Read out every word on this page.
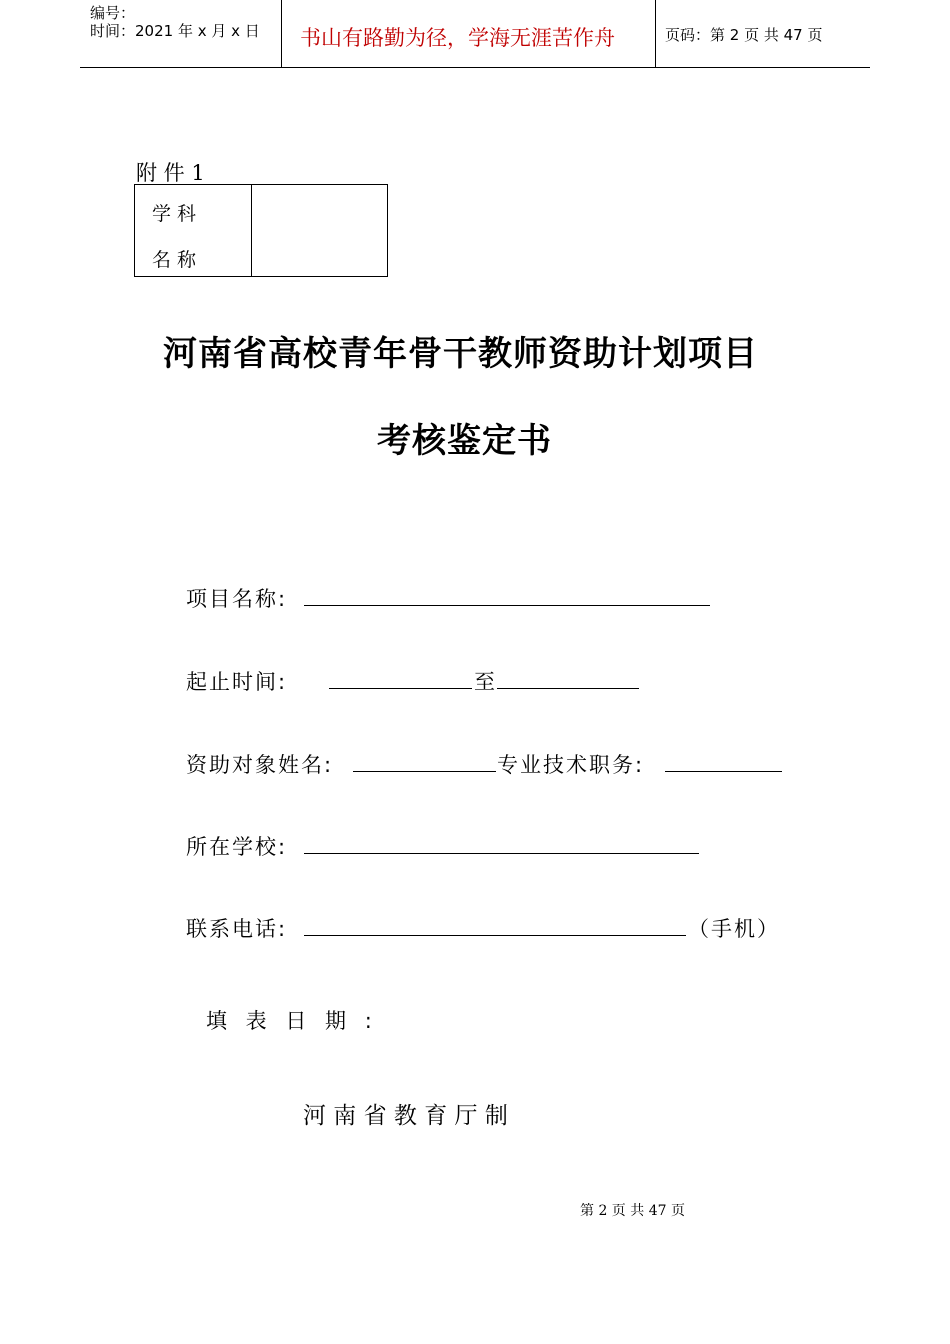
编号：
时间：2021 年 x 月 x 日 书山有路勤为径，学海无涯苦作舟	页码：第 2 页 共 47 页
附 件 1
学 科
名 称
河南省高校青年骨干教师资助计划项目
考核鉴定书
项目名称:
起止时间:	至
资助对象姓名:	专业技术职务:
所在学校:
联系电话:	（手机）
填 表 日 期 :
河 南 省 教 育 厅 制
第 2 页 共 47 页
